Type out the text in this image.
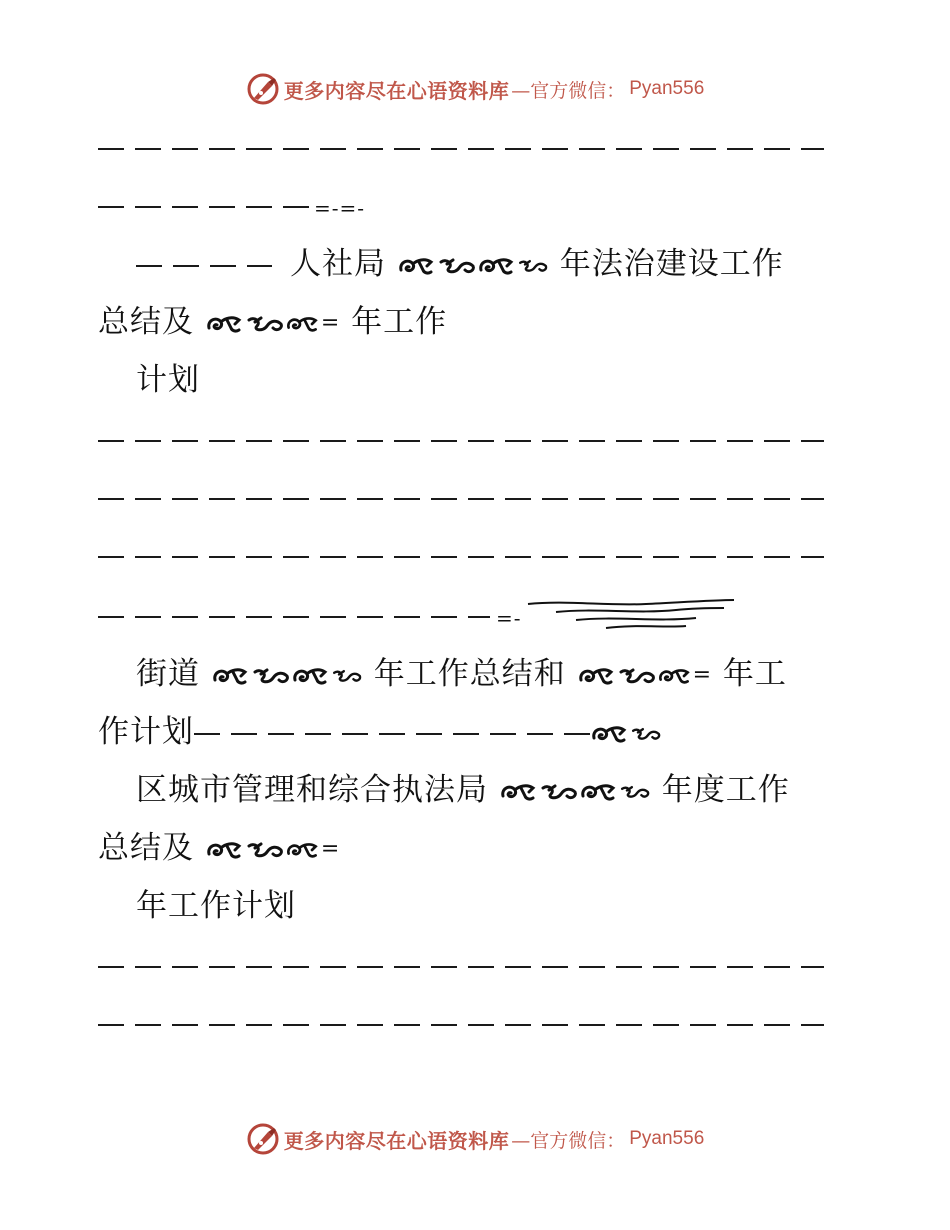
更多内容尽在心语资料库 —官方微信： Pyan556
=-=-
人社局	年法治建设工作
总结及	= 年工作
计划
=-
街道	年工作总结和	= 年工
作计划
区城市管理和综合执法局	年度工作
总结及	=
年工作计划
更多内容尽在心语资料库 —官方微信： Pyan556
